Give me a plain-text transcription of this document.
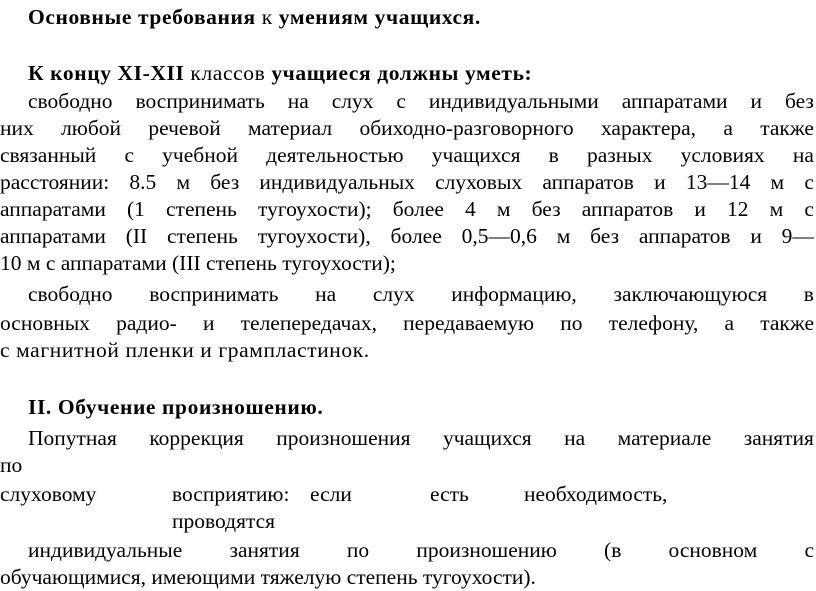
Основные требования к умениям учащихся.
К концу XI-XII классов учащиеся должны уметь:
свободно воспринимать на слух с индивидуальными аппаратами и без
них любой речевой материал обиходно-разговорного характера, а также
связанный с учебной деятельностью учащихся в разных условиях на
расстоянии: 8.5 м без индивидуальных слуховых аппаратов и 13—14 м с
аппаратами (1 степень тугоухости); более 4 м без аппаратов и 12 м с
аппаратами (II степень тугоухости), более 0,5—0,6 м без аппаратов и 9—
10 м с аппаратами (III степень тугоухости);
свободно воспринимать на слух информацию, заключающуюся в
основных радио- и телепередачах, передаваемую по телефону, а также
с магнитной пленки и грампластинок.
II. Обучение произношению.
Попутная коррекция произношения учащихся на материале занятия
по
слуховому	восприятию: если	есть	необходимость,
проводятся
индивидуальные занятия по произношению (в основном с
обучающимися, имеющими тяжелую степень тугоухости).
